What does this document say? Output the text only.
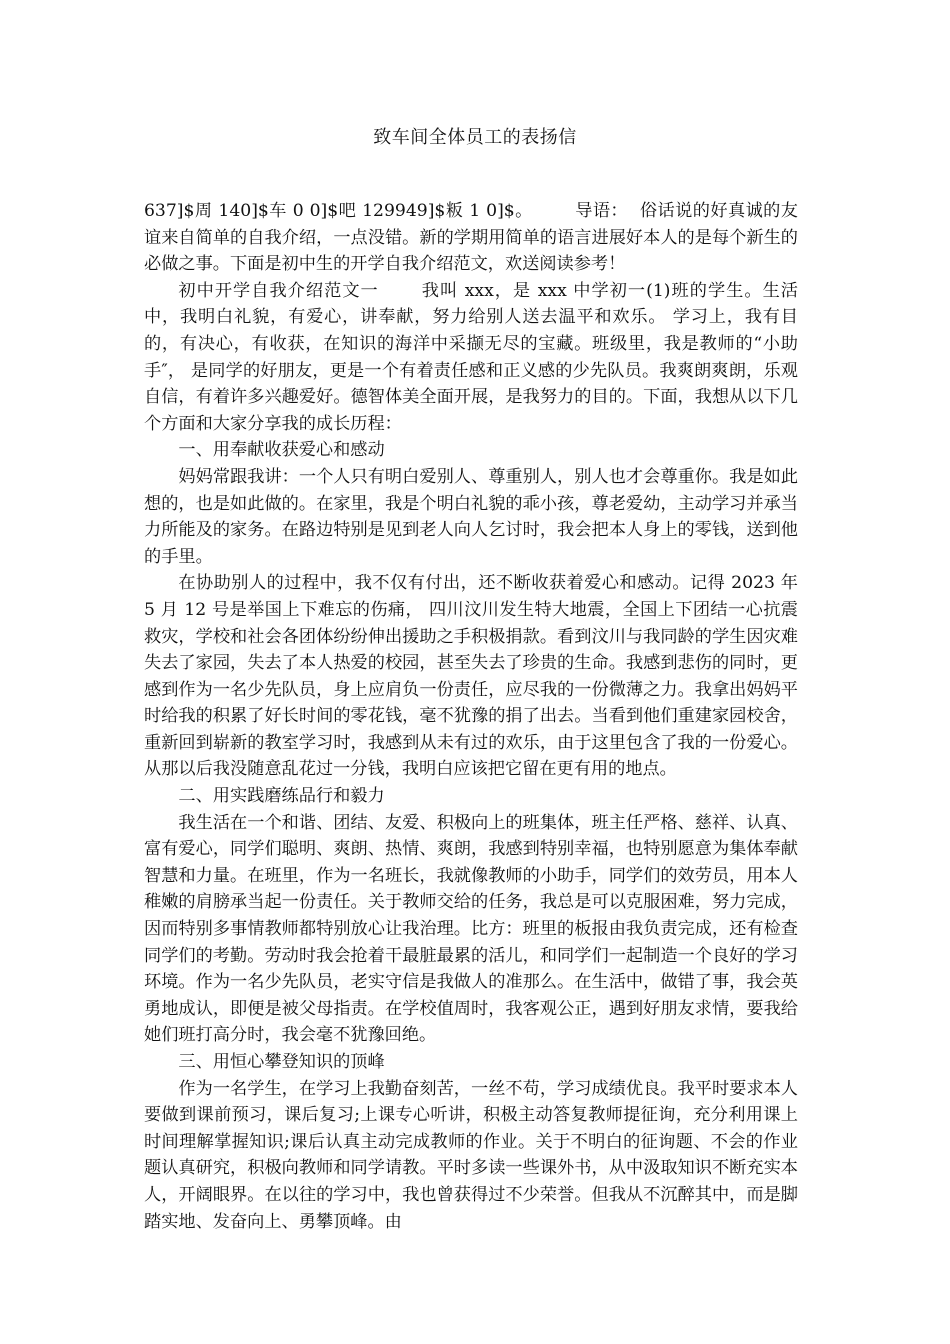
致车间全体员工的表扬信

637]$周 140]$车 0 0]$吧 129949]$粄 1 0]$。 导语： 俗话说的好真诚的友谊来自简单的自我介绍，一点没错。新的学期用简单的语言进展好本人的是每个新生的必做之事。下面是初中生的开学自我介绍范文，欢送阅读参考！

初中开学自我介绍范文一 我叫 xxx，是 xxx 中学初一(1)班的学生。生活中，我明白礼貌，有爱心，讲奉献，努力给别人送去温平和欢乐。 学习上，我有目的，有决心，有收获，在知识的海洋中采撷无尽的宝藏。班级里，我是教师的“小助手″， 是同学的好朋友，更是一个有着责任感和正义感的少先队员。我爽朗爽朗，乐观自信，有着许多兴趣爱好。德智体美全面开展，是我努力的目的。下面，我想从以下几个方面和大家分享我的成长历程：

一、用奉献收获爱心和感动

妈妈常跟我讲：一个人只有明白爱别人、尊重别人，别人也才会尊重你。我是如此想的，也是如此做的。在家里，我是个明白礼貌的乖小孩，尊老爱幼，主动学习并承当力所能及的家务。在路边特别是见到老人向人乞讨时，我会把本人身上的零钱，送到他的手里。

在协助别人的过程中，我不仅有付出，还不断收获着爱心和感动。记得 2023 年 5 月 12 号是举国上下难忘的伤痛， 四川汶川发生特大地震，全国上下团结一心抗震救灾，学校和社会各团体纷纷伸出援助之手积极捐款。看到汶川与我同龄的学生因灾难失去了家园，失去了本人热爱的校园，甚至失去了珍贵的生命。我感到悲伤的同时，更感到作为一名少先队员，身上应肩负一份责任，应尽我的一份微薄之力。我拿出妈妈平时给我的积累了好长时间的零花钱，毫不犹豫的捐了出去。当看到他们重建家园校舍，重新回到崭新的教室学习时，我感到从未有过的欢乐，由于这里包含了我的一份爱心。从那以后我没随意乱花过一分钱，我明白应该把它留在更有用的地点。

二、用实践磨练品行和毅力

我生活在一个和谐、团结、友爱、积极向上的班集体，班主任严格、慈祥、认真、富有爱心，同学们聪明、爽朗、热情、爽朗，我感到特别幸福，也特别愿意为集体奉献智慧和力量。在班里，作为一名班长，我就像教师的小助手，同学们的效劳员，用本人稚嫩的肩膀承当起一份责任。关于教师交给的任务，我总是可以克服困难，努力完成，因而特别多事情教师都特别放心让我治理。比方：班里的板报由我负责完成，还有检查同学们的考勤。劳动时我会抢着干最脏最累的活儿，和同学们一起制造一个良好的学习环境。作为一名少先队员，老实守信是我做人的准那么。在生活中，做错了事，我会英勇地成认，即便是被父母指责。在学校值周时，我客观公正，遇到好朋友求情，要我给她们班打高分时，我会毫不犹豫回绝。

三、用恒心攀登知识的顶峰

作为一名学生，在学习上我勤奋刻苦，一丝不苟，学习成绩优良。我平时要求本人要做到课前预习，课后复习;上课专心听讲，积极主动答复教师提征询，充分利用课上时间理解掌握知识;课后认真主动完成教师的作业。关于不明白的征询题、不会的作业题认真研究，积极向教师和同学请教。平时多读一些课外书，从中汲取知识不断充实本人，开阔眼界。在以往的学习中，我也曾获得过不少荣誉。但我从不沉醉其中，而是脚踏实地、发奋向上、勇攀顶峰。由
